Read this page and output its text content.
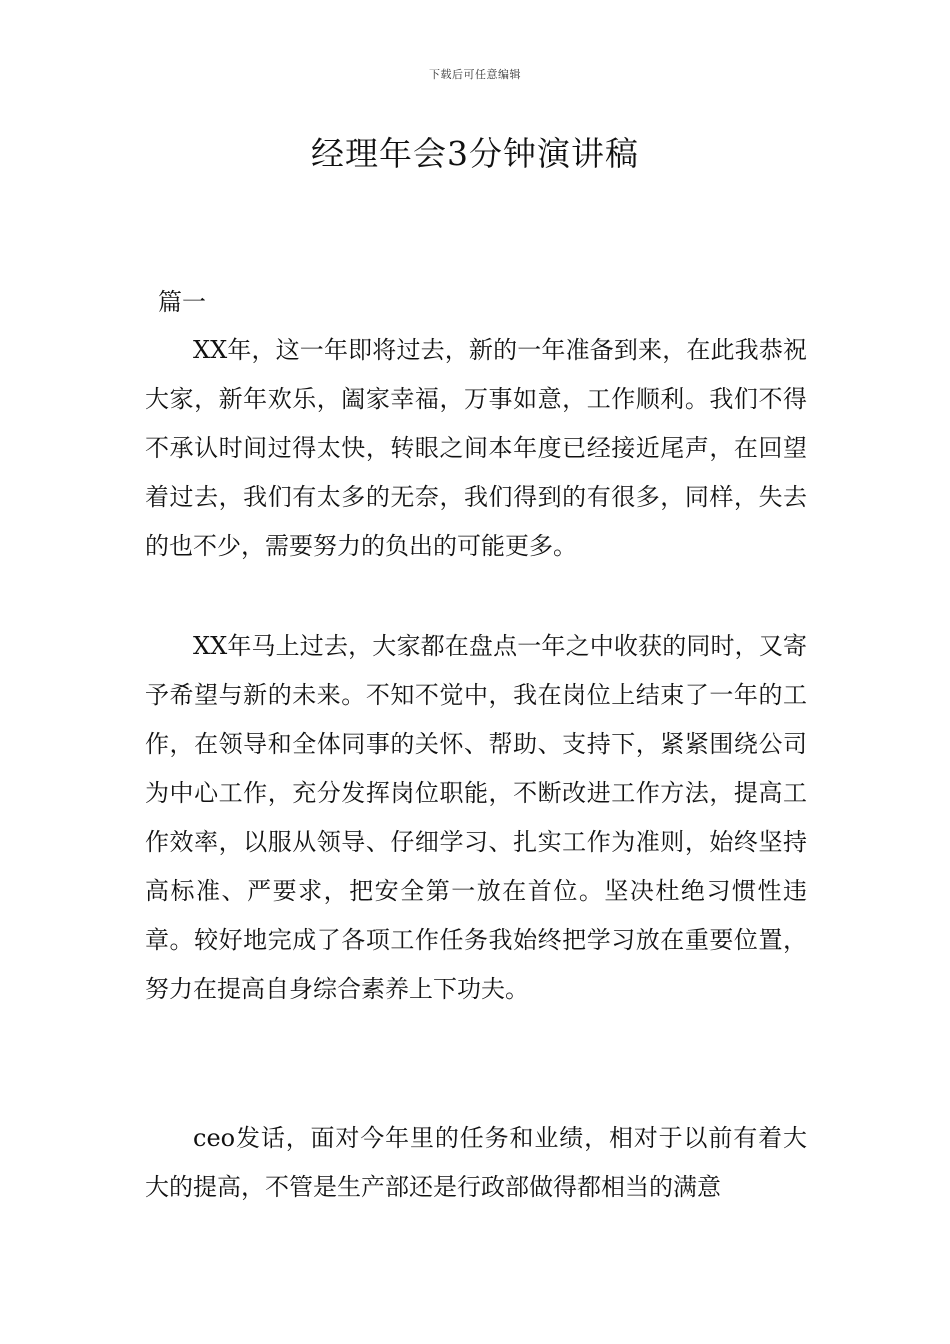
下载后可任意编辑
经理年会3分钟演讲稿
篇一

XX年，这一年即将过去，新的一年准备到来，在此我恭祝大家，新年欢乐，阖家幸福，万事如意，工作顺利。我们不得不承认时间过得太快，转眼之间本年度已经接近尾声，在回望着过去，我们有太多的无奈，我们得到的有很多，同样，失去的也不少，需要努力的负出的可能更多。

XX年马上过去，大家都在盘点一年之中收获的同时，又寄予希望与新的未来。不知不觉中，我在岗位上结束了一年的工作，在领导和全体同事的关怀、帮助、支持下，紧紧围绕公司为中心工作，充分发挥岗位职能，不断改进工作方法，提高工作效率，以服从领导、仔细学习、扎实工作为准则，始终坚持高标准、严要求，把安全第一放在首位。坚决杜绝习惯性违章。较好地完成了各项工作任务我始终把学习放在重要位置，努力在提高自身综合素养上下功夫。

ceo发话，面对今年里的任务和业绩，相对于以前有着大大的提高，不管是生产部还是行政部做得都相当的满意
